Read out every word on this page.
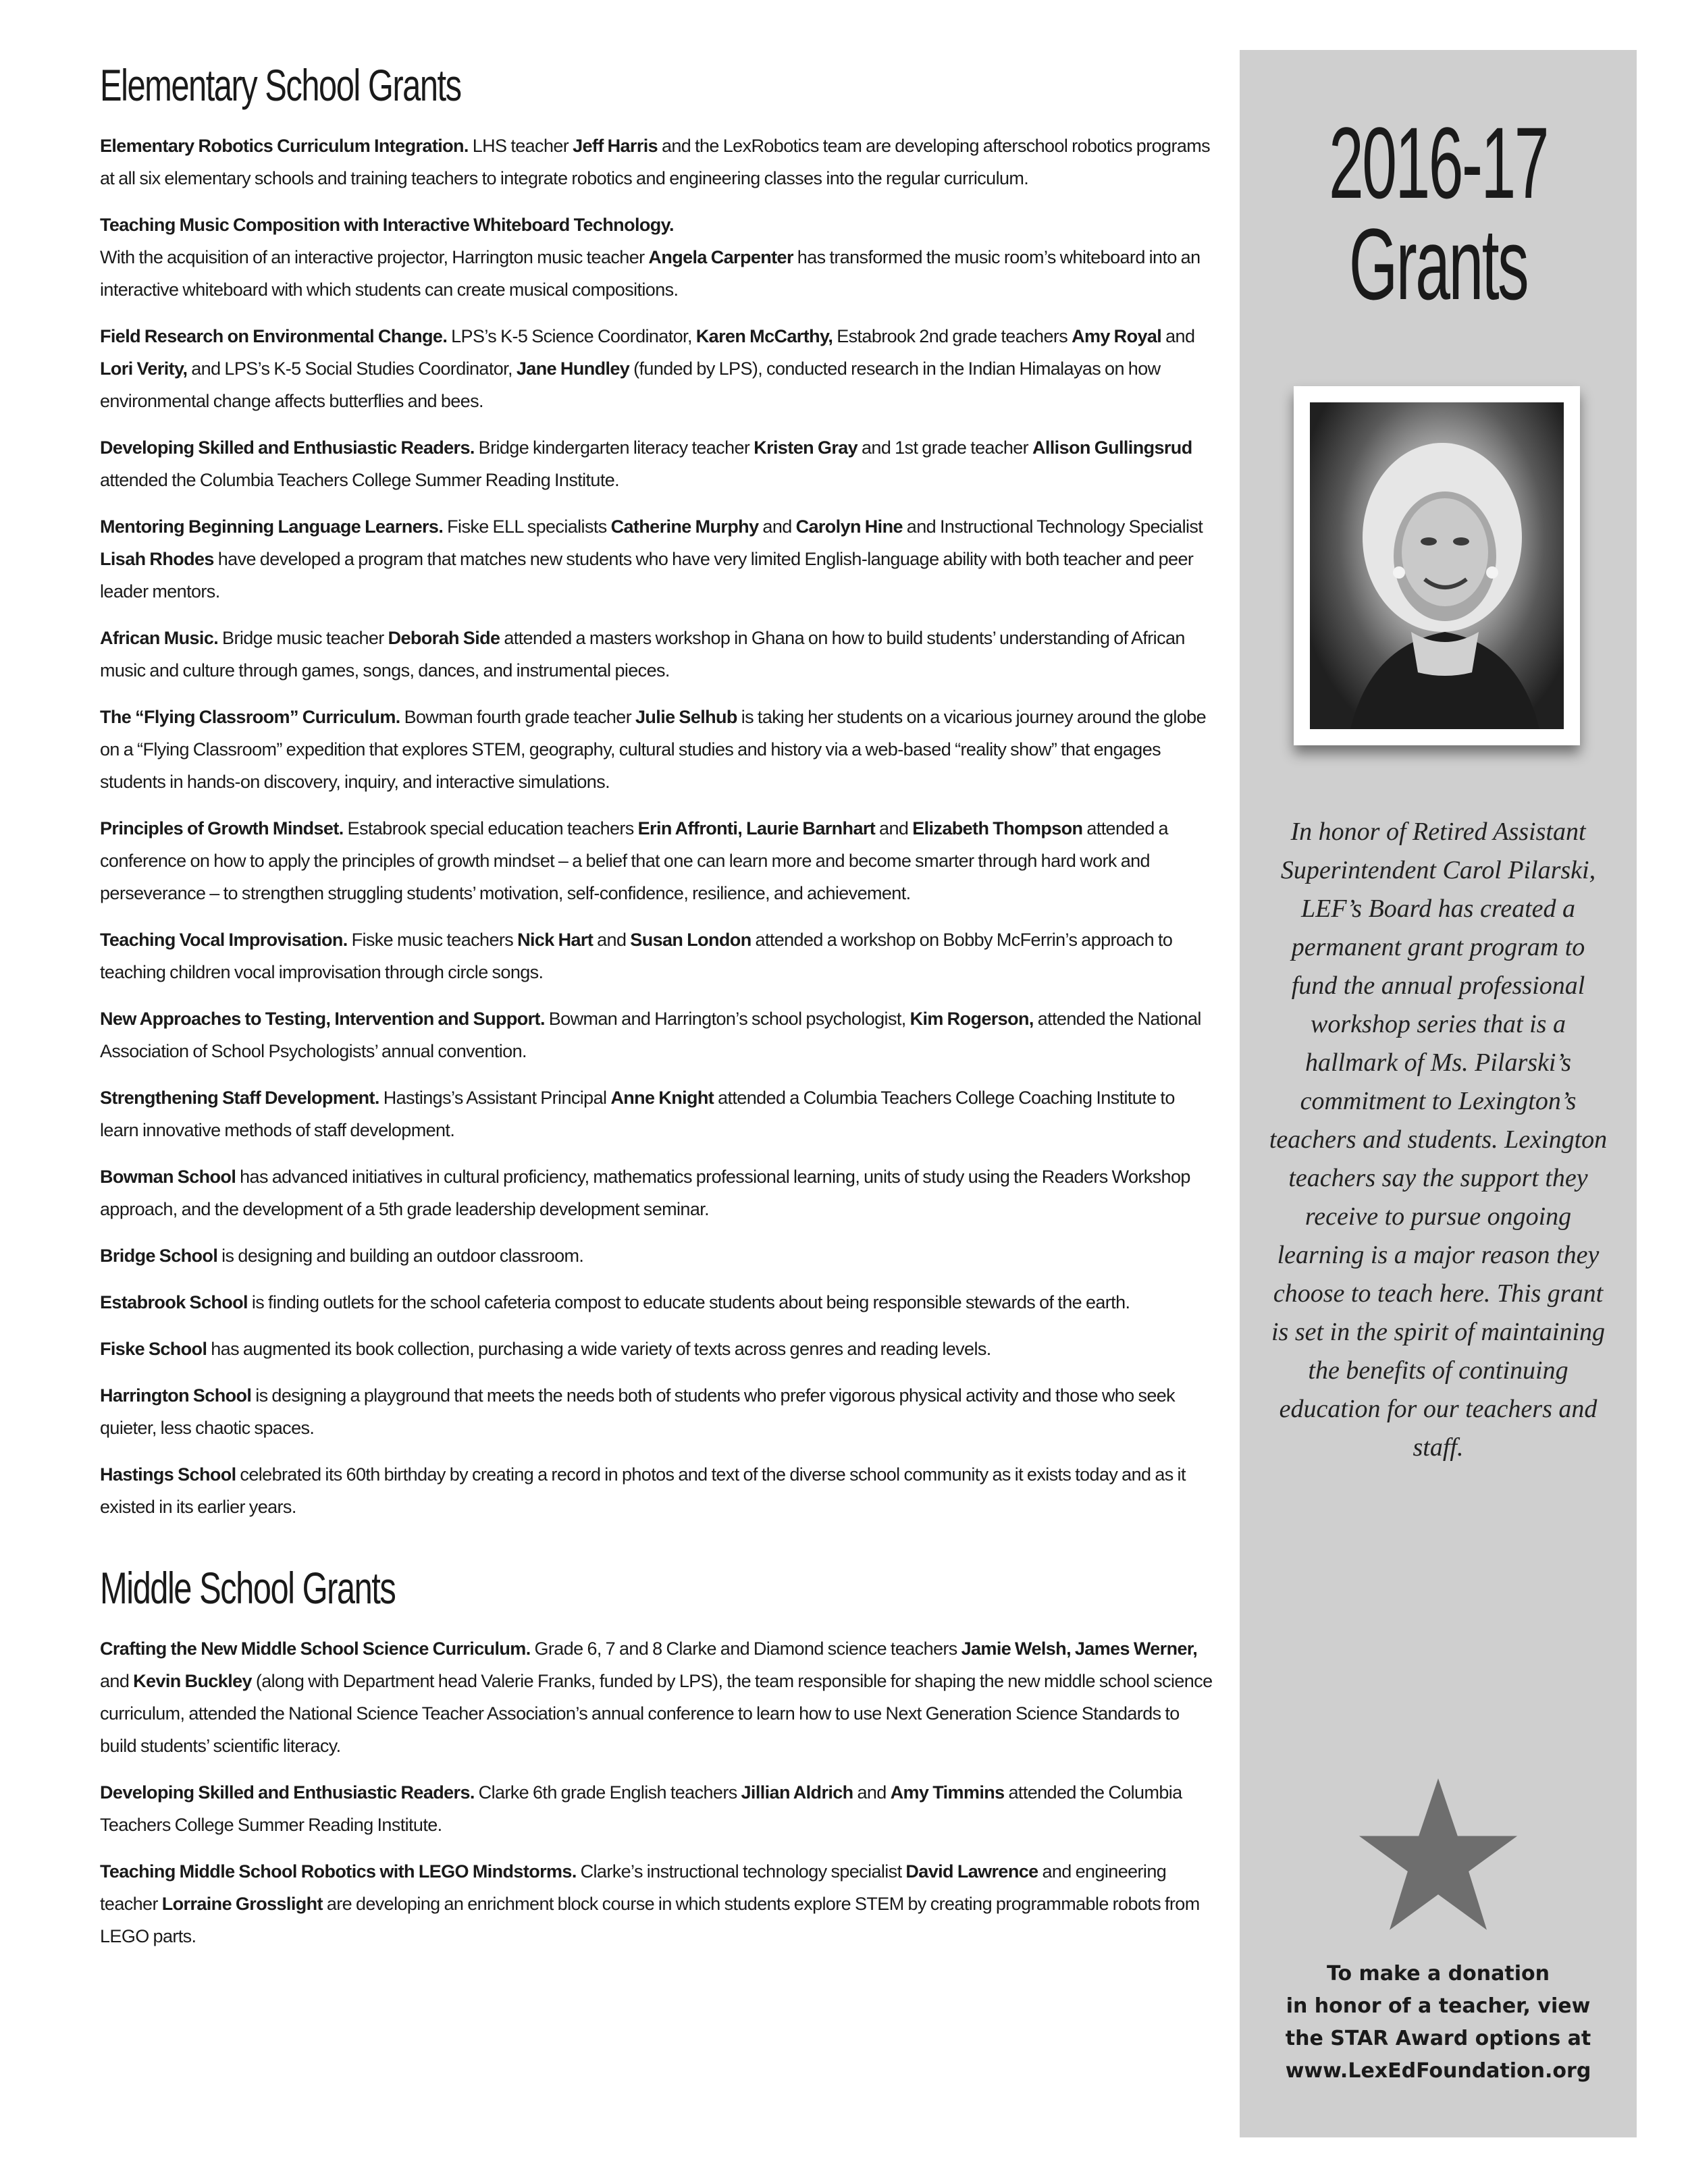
Elementary School Grants

Elementary Robotics Curriculum Integration. LHS teacher Jeff Harris and the LexRobotics team are developing afterschool robotics programs at all six elementary schools and training teachers to integrate robotics and engineering classes into the regular curriculum.

Teaching Music Composition with Interactive Whiteboard Technology.
With the acquisition of an interactive projector, Harrington music teacher Angela Carpenter has transformed the music room’s whiteboard into an interactive whiteboard with which students can create musical compositions.

Field Research on Environmental Change. LPS’s K-5 Science Coordinator, Karen McCarthy, Estabrook 2nd grade teachers Amy Royal and Lori Verity, and LPS’s K-5 Social Studies Coordinator, Jane Hundley (funded by LPS), conducted research in the Indian Himalayas on how environmental change affects butterflies and bees.

Developing Skilled and Enthusiastic Readers. Bridge kindergarten literacy teacher Kristen Gray and 1st grade teacher Allison Gullingsrud attended the Columbia Teachers College Summer Reading Institute.

Mentoring Beginning Language Learners. Fiske ELL specialists Catherine Murphy and Carolyn Hine and Instructional Technology Specialist Lisah Rhodes have developed a program that matches new students who have very limited English-language ability with both teacher and peer leader mentors.

African Music. Bridge music teacher Deborah Side attended a masters workshop in Ghana on how to build students’ understanding of African music and culture through games, songs, dances, and instrumental pieces.

The “Flying Classroom” Curriculum. Bowman fourth grade teacher Julie Selhub is taking her students on a vicarious journey around the globe on a “Flying Classroom” expedition that explores STEM, geography, cultural studies and history via a web-based “reality show” that engages students in hands-on discovery, inquiry, and interactive simulations.

Principles of Growth Mindset. Estabrook special education teachers Erin Affronti, Laurie Barnhart and Elizabeth Thompson attended a conference on how to apply the principles of growth mindset – a belief that one can learn more and become smarter through hard work and perseverance – to strengthen struggling students’ motivation, self-confidence, resilience, and achievement.

Teaching Vocal Improvisation. Fiske music teachers Nick Hart and Susan London attended a workshop on Bobby McFerrin’s approach to teaching children vocal improvisation through circle songs.

New Approaches to Testing, Intervention and Support. Bowman and Harrington’s school psychologist, Kim Rogerson, attended the National Association of School Psychologists’ annual convention.

Strengthening Staff Development. Hastings’s Assistant Principal Anne Knight attended a Columbia Teachers College Coaching Institute to learn innovative methods of staff development.

Bowman School has advanced initiatives in cultural proficiency, mathematics professional learning, units of study using the Readers Workshop approach, and the development of a 5th grade leadership development seminar.

Bridge School is designing and building an outdoor classroom.

Estabrook School is finding outlets for the school cafeteria compost to educate students about being responsible stewards of the earth.

Fiske School has augmented its book collection, purchasing a wide variety of texts across genres and reading levels.

Harrington School is designing a playground that meets the needs both of students who prefer vigorous physical activity and those who seek quieter, less chaotic spaces.

Hastings School celebrated its 60th birthday by creating a record in photos and text of the diverse school community as it exists today and as it existed in its earlier years.

Middle School Grants

Crafting the New Middle School Science Curriculum. Grade 6, 7 and 8 Clarke and Diamond science teachers Jamie Welsh, James Werner, and Kevin Buckley (along with Department head Valerie Franks, funded by LPS), the team responsible for shaping the new middle school science curriculum, attended the National Science Teacher Association’s annual conference to learn how to use Next Generation Science Standards to build students’ scientific literacy.

Developing Skilled and Enthusiastic Readers. Clarke 6th grade English teachers Jillian Aldrich and Amy Timmins attended the Columbia Teachers College Summer Reading Institute.

Teaching Middle School Robotics with LEGO Mindstorms. Clarke’s instructional technology specialist David Lawrence and engineering teacher Lorraine Grosslight are developing an enrichment block course in which students explore STEM by creating programmable robots from LEGO parts.

2016-17
Grants
In honor of Retired Assistant Superintendent Carol Pilarski, LEF’s Board has created a permanent grant program to fund the annual professional workshop series that is a hallmark of Ms. Pilarski’s commitment to Lexington’s teachers and students. Lexington teachers say the support they receive to pursue ongoing learning is a major reason they choose to teach here. This grant is set in the spirit of maintaining the benefits of continuing education for our teachers and staff.
To make a donation
in honor of a teacher, view
the STAR Award options at
www.LexEdFoundation.org
